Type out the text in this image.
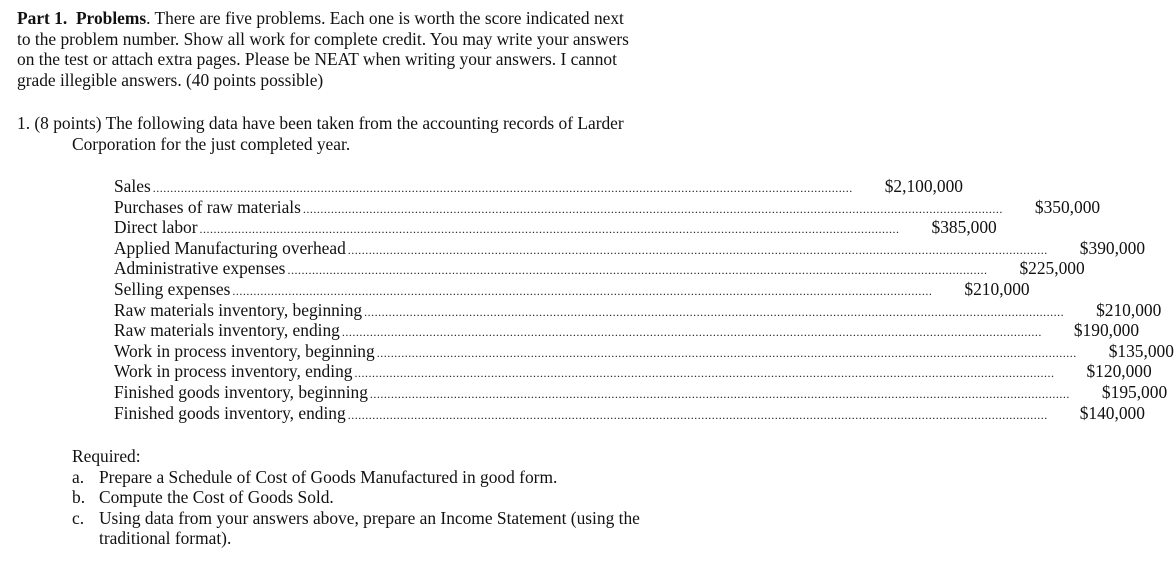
Part 1. Problems. There are five problems. Each one is worth the score indicated next
to the problem number. Show all work for complete credit. You may write your answers
on the test or attach extra pages. Please be NEAT when writing your answers. I cannot
grade illegible answers. (40 points possible)
1. (8 points) The following data have been taken from the accounting records of Larder
Corporation for the just completed year.
Sales ........................................................................................................................................................................................................	$2,100,000
Purchases of raw materials ........................................................................................................................................................................................................	$350,000
Direct labor ........................................................................................................................................................................................................	$385,000
Applied Manufacturing overhead ........................................................................................................................................................................................................	$390,000
Administrative expenses ........................................................................................................................................................................................................	$225,000
Selling expenses ........................................................................................................................................................................................................	$210,000
Raw materials inventory, beginning ........................................................................................................................................................................................................	$210,000
Raw materials inventory, ending ........................................................................................................................................................................................................	$190,000
Work in process inventory, beginning ........................................................................................................................................................................................................	$135,000
Work in process inventory, ending ........................................................................................................................................................................................................	$120,000
Finished goods inventory, beginning ........................................................................................................................................................................................................	$195,000
Finished goods inventory, ending ........................................................................................................................................................................................................	$140,000
Required:
a. Prepare a Schedule of Cost of Goods Manufactured in good form.
b. Compute the Cost of Goods Sold.
c. Using data from your answers above, prepare an Income Statement (using the traditional format).
